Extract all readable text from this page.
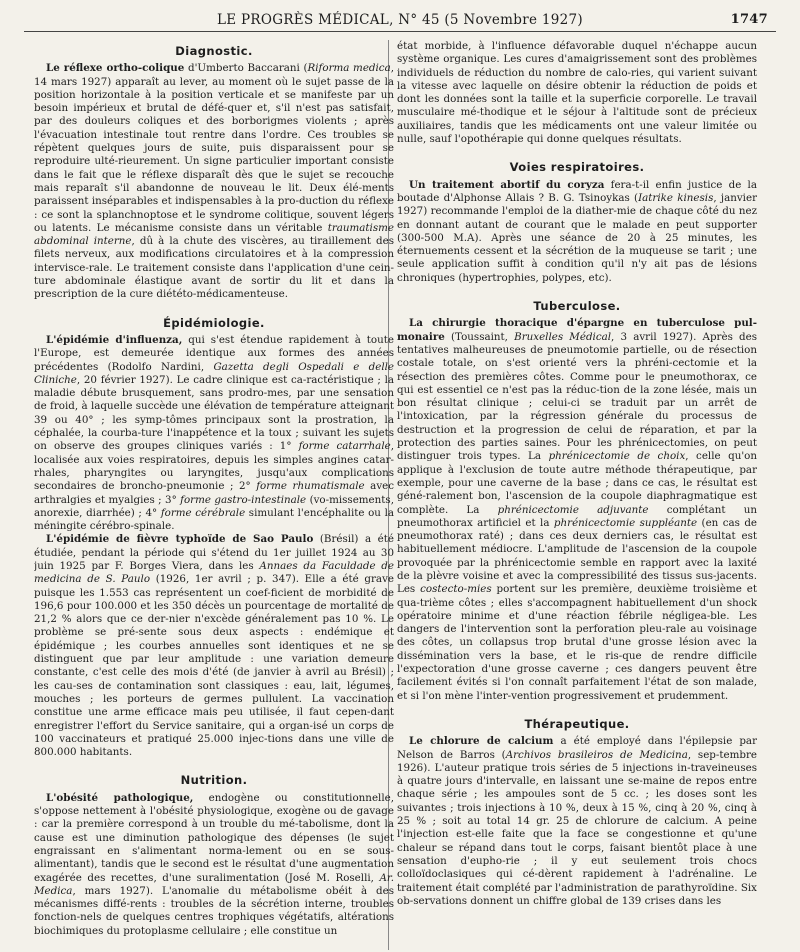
LE PROGRÈS MÉDICAL, N° 45 (5 Novembre 1927)	1747
Diagnostic.

Le réflexe ortho-colique d'Umberto Baccarani (Riforma medica, 14 mars 1927) apparaît au lever, au moment où le sujet passe de la position horizontale à la position verticale et se manifeste par un besoin impérieux et brutal de défé-quer et, s'il n'est pas satisfait, par des douleurs coliques et des borborigmes violents ; après l'évacuation intestinale tout rentre dans l'ordre. Ces troubles se répètent quelques jours de suite, puis disparaissent pour se reproduire ulté-rieurement. Un signe particulier important consiste dans le fait que le réflexe disparaît dès que le sujet se recouche mais reparaît s'il abandonne de nouveau le lit. Deux élé-ments paraissent inséparables et indispensables à la pro-duction du réflexe : ce sont la splanchnoptose et le syndrome colitique, souvent légers ou latents. Le mécanisme consiste dans un véritable traumatisme abdominal interne, dû à la chute des viscères, au tiraillement des filets nerveux, aux modifications circulatoires et à la compression intervisce-rale. Le traitement consiste dans l'application d'une cein-ture abdominale élastique avant de sortir du lit et dans la prescription de la cure diététo-médicamenteuse.

Épidémiologie.

L'épidémie d'influenza, qui s'est étendue rapidement à toute l'Europe, est demeurée identique aux formes des années précédentes (Rodolfo Nardini, Gazetta degli Ospedali e delle Cliniche, 20 février 1927). Le cadre clinique est ca-ractéristique ; la maladie débute brusquement, sans prodro-mes, par une sensation de froid, à laquelle succède une élévation de température atteignant 39 ou 40° ; les symp-tômes principaux sont la prostration, la céphalée, la courba-ture l'inappétence et la toux ; suivant les sujets on observe des groupes cliniques variés : 1° forme catarrhale, localisée aux voies respiratoires, depuis les simples angines catar-rhales, pharyngites ou laryngites, jusqu'aux complications secondaires de broncho-pneumonie ; 2° forme rhumatismale avec arthralgies et myalgies ; 3° forme gastro-intestinale (vo-missements, anorexie, diarrhée) ; 4° forme cérébrale simulant l'encéphalite ou la méningite cérébro-spinale.

L'épidémie de fièvre typhoïde de Sao Paulo (Brésil) a été étudiée, pendant la période qui s'étend du 1er juillet 1924 au 30 juin 1925 par F. Borges Viera, dans les Annaes da Faculdade de medicina de S. Paulo (1926, 1er avril ; p. 347). Elle a été grave puisque les 1.553 cas représentent un coef-ficient de morbidité de 196,6 pour 100.000 et les 350 décès un pourcentage de mortalité de 21,2 % alors que ce der-nier n'excède généralement pas 10 %. Le problème se pré-sente sous deux aspects : endémique et épidémique ; les courbes annuelles sont identiques et ne se distinguent que par leur amplitude : une variation demeure constante, c'est celle des mois d'été (de janvier à avril au Brésil) ; les cau-ses de contamination sont classiques : eau, lait, légumes, mouches ; les porteurs de germes pullulent. La vaccination constitue une arme efficace mais peu utilisée, il faut cepen-dant enregistrer l'effort du Service sanitaire, qui a organ-isé un corps de 100 vaccinateurs et pratiqué 25.000 injec-tions dans une ville de 800.000 habitants.

Nutrition.

L'obésité pathologique, endogène ou constitutionnelle, s'oppose nettement à l'obésité physiologique, exogène ou de gavage : car la première correspond à un trouble du mé-tabolisme, dont la cause est une diminution pathologique des dépenses (le sujet engraissant en s'alimentant norma-lement ou en se sous-alimentant), tandis que le second est le résultat d'une augmentation exagérée des recettes, d'une suralimentation (José M. Roselli, Ar. Medica, mars 1927). L'anomalie du métabolisme obéit à des mécanismes diffé-rents : troubles de la sécrétion interne, troubles fonction-nels de quelques centres trophiques végétatifs, altérations biochimiques du protoplasme cellulaire ; elle constitue un

état morbide, à l'influence défavorable duquel n'échappe aucun système organique. Les cures d'amaigrissement sont des problèmes individuels de réduction du nombre de calo-ries, qui varient suivant la vitesse avec laquelle on désire obtenir la réduction de poids et dont les données sont la taille et la superficie corporelle. Le travail musculaire mé-thodique et le séjour à l'altitude sont de précieux auxiliaires, tandis que les médicaments ont une valeur limitée ou nulle, sauf l'opothérapie qui donne quelques résultats.

Voies respiratoires.

Un traitement abortif du coryza fera-t-il enfin justice de la boutade d'Alphonse Allais ? B. G. Tsinoykas (Iatrike kinesis, janvier 1927) recommande l'emploi de la diather-mie de chaque côté du nez en donnant autant de courant que le malade en peut supporter (300-500 M.A). Après une séance de 20 à 25 minutes, les éternuements cessent et la sécrétion de la muqueuse se tarit ; une seule application suffit à condition qu'il n'y ait pas de lésions chroniques (hypertrophies, polypes, etc).

Tuberculose.

La chirurgie thoracique d'épargne en tuberculose pul-monaire (Toussaint, Bruxelles Médical, 3 avril 1927). Après des tentatives malheureuses de pneumotomie partielle, ou de résection costale totale, on s'est orienté vers la phréni-cectomie et la résection des premières côtes. Comme pour le pneumothorax, ce qui est essentiel ce n'est pas la réduc-tion de la zone lésée, mais un bon résultat clinique ; celui-ci se traduit par un arrêt de l'intoxication, par la régression générale du processus de destruction et la progression de celui de réparation, et par la protection des parties saines. Pour les phrénicectomies, on peut distinguer trois types. La phrénicectomie de choix, celle qu'on applique à l'exclusion de toute autre méthode thérapeutique, par exemple, pour une caverne de la base ; dans ce cas, le résultat est géné-ralement bon, l'ascension de la coupole diaphragmatique est complète. La phrénicectomie adjuvante complétant un pneumothorax artificiel et la phrénicectomie suppléante (en cas de pneumothorax raté) ; dans ces deux derniers cas, le résultat est habituellement médiocre. L'amplitude de l'ascension de la coupole provoquée par la phrénicectomie semble en rapport avec la laxité de la plèvre voisine et avec la compressibilité des tissus sus-jacents. Les costecto-mies portent sur les première, deuxième troisième et qua-trième côtes ; elles s'accompagnent habituellement d'un shock opératoire minime et d'une réaction fébrile négligea-ble. Les dangers de l'intervention sont la perforation pleu-rale au voisinage des côtes, un collapsus trop brutal d'une grosse lésion avec la dissémination vers la base, et le ris-que de rendre difficile l'expectoration d'une grosse caverne ; ces dangers peuvent être facilement évités si l'on connaît parfaitement l'état de son malade, et si l'on mène l'inter-vention progressivement et prudemment.

Thérapeutique.

Le chlorure de calcium a été employé dans l'épilepsie par Nelson de Barros (Archivos brasileiros de Medicina, sep-tembre 1926). L'auteur pratique trois séries de 5 injections in-traveineuses à quatre jours d'intervalle, en laissant une se-maine de repos entre chaque série ; les ampoules sont de 5 cc. ; les doses sont les suivantes ; trois injections à 10 %, deux à 15 %, cinq à 20 %, cinq à 25 % ; soit au total 14 gr. 25 de chlorure de calcium. A peine l'injection est-elle faite que la face se congestionne et qu'une chaleur se répand dans tout le corps, faisant bientôt place à une sensation d'eupho-rie ; il y eut seulement trois chocs colloïdoclasiques qui cé-dèrent rapidement à l'adrénaline. Le traitement était complété par l'administration de parathyroïdine. Six ob-servations donnent un chiffre global de 139 crises dans les
